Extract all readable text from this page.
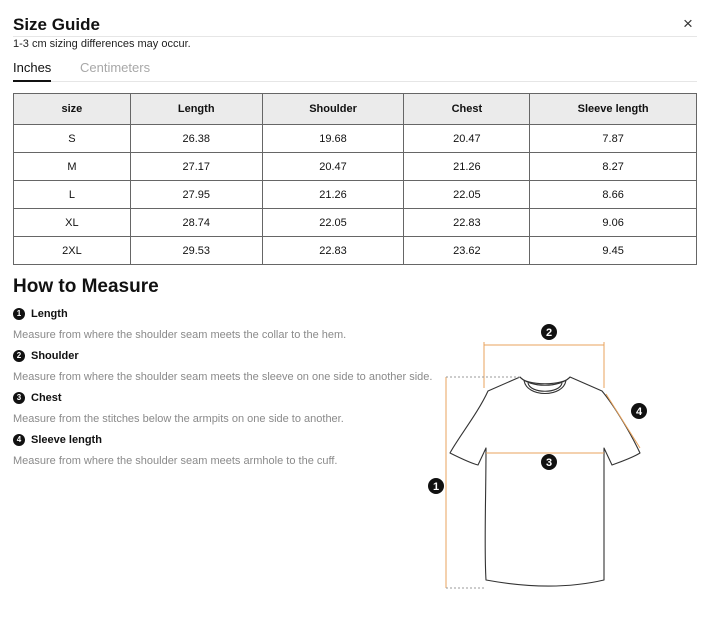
Size Guide	×
1-3 cm sizing differences may occur.
Inches Centimeters
size	Length	Shoulder	Chest	Sleeve length
S	26.38	19.68	20.47	7.87
M	27.17	20.47	21.26	8.27
L	27.95	21.26	22.05	8.66
XL	28.74	22.05	22.83	9.06
2XL	29.53	22.83	23.62	9.45
How to Measure
1 Length
Measure from where the shoulder seam meets the collar to the hem.
2 Shoulder
Measure from where the shoulder seam meets the sleeve on one side to another side.
3 Chest
Measure from the stitches below the armpits on one side to another.
4 Sleeve length
Measure from where the shoulder seam meets armhole to the cuff.
2
3
1
4
